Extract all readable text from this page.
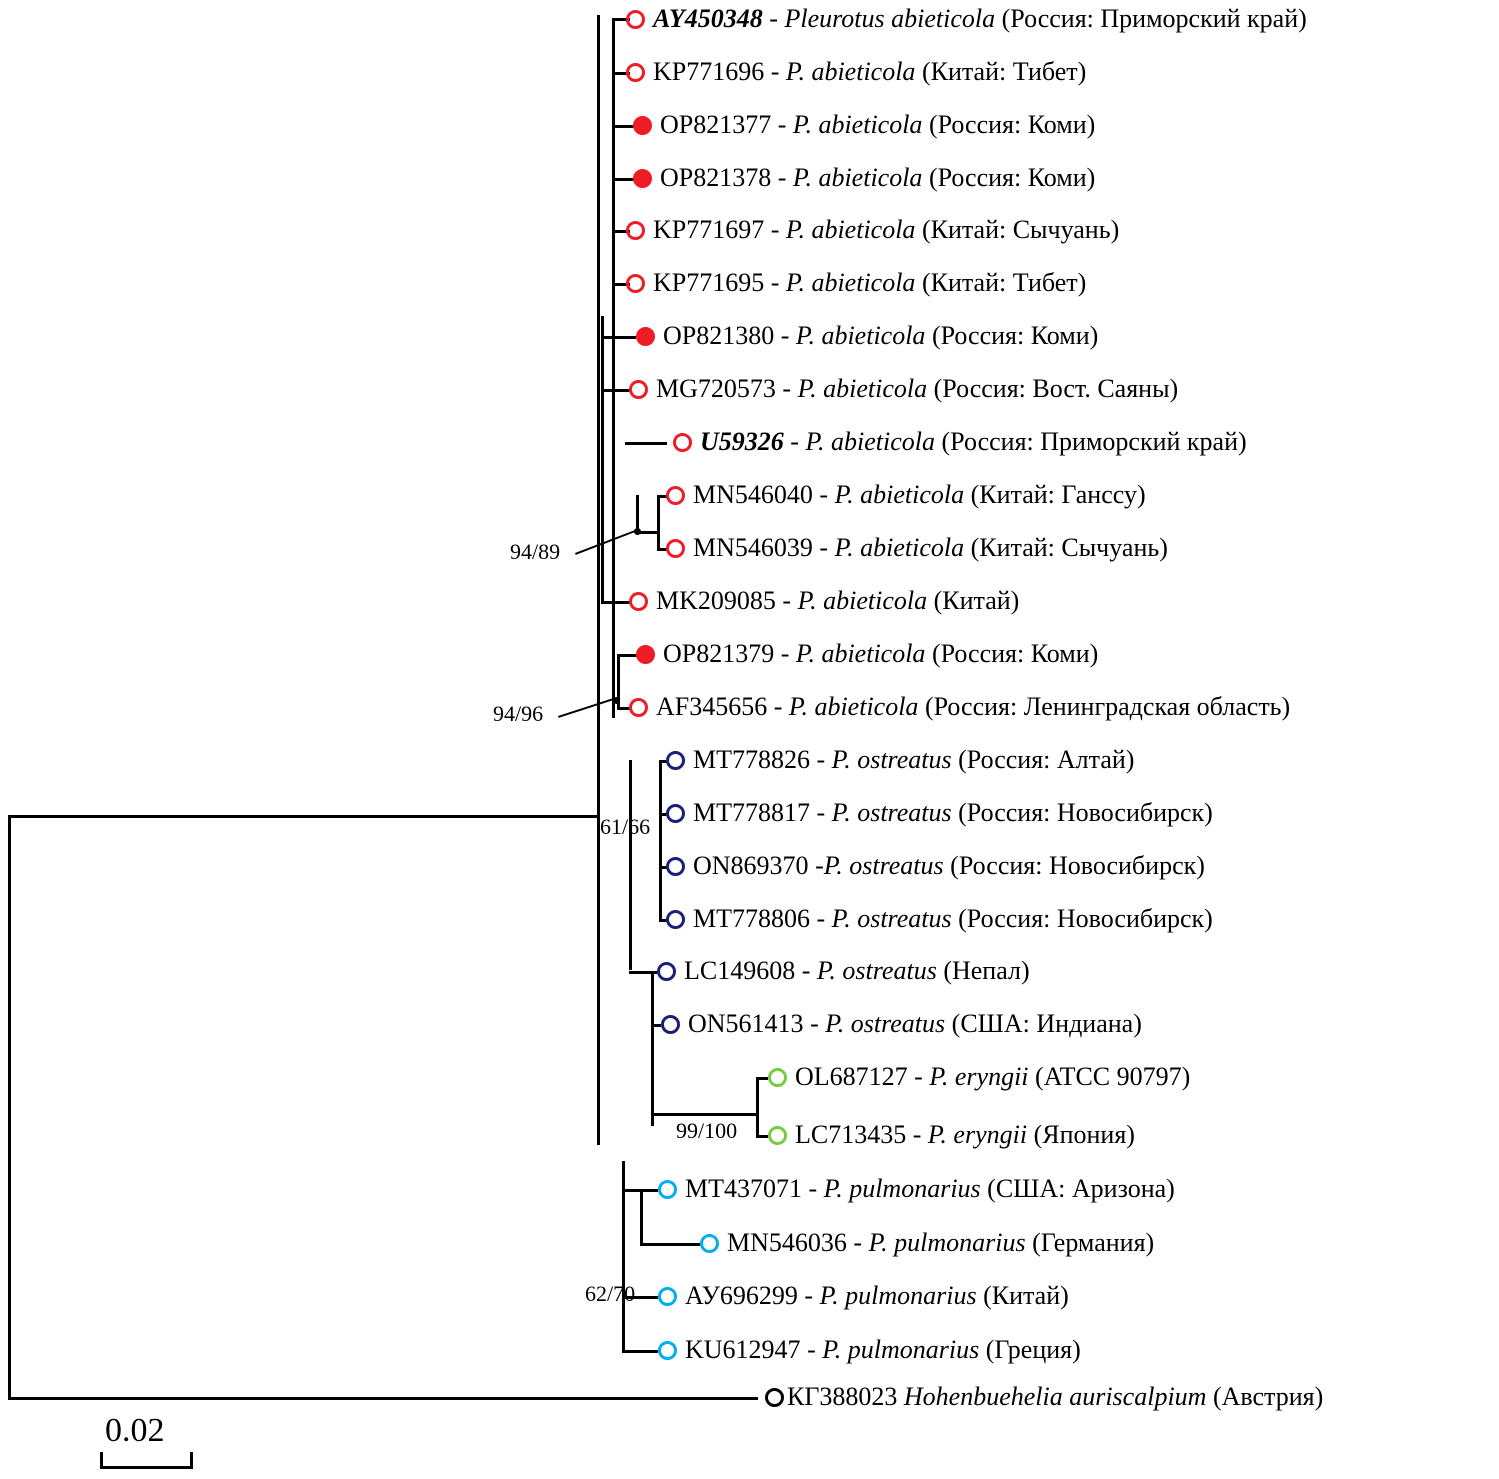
94/89
94/96
61/66
99/100
62/70
AY450348 - Pleurotus abieticola (Россия: Приморский край)
KP771696 - P. abieticola (Китай: Тибет)
OP821377 - P. abieticola (Россия: Коми)
OP821378 - P. abieticola (Россия: Коми)
KP771697 - P. abieticola (Китай: Сычуань)
KP771695 - P. abieticola (Китай: Тибет)
OP821380 - P. abieticola (Россия: Коми)
MG720573 - P. abieticola (Россия: Вост. Саяны)
U59326 - P. abieticola (Россия: Приморский край)
MN546040 - P. abieticola (Китай: Ганссу)
MN546039 - P. abieticola (Китай: Сычуань)
MK209085 - P. abieticola (Китай)
OP821379 - P. abieticola (Россия: Коми)
AF345656 - P. abieticola (Россия: Ленинградская область)
MT778826 - P. ostreatus (Россия: Алтай)
MT778817 - P. ostreatus (Россия: Новосибирск)
ON869370 -P. ostreatus (Россия: Новосибирск)
MT778806 - P. ostreatus (Россия: Новосибирск)
LC149608 - P. ostreatus (Непал)
ON561413 - P. ostreatus (США: Индиана)
OL687127 - P. eryngii (ATCC 90797)
LC713435 - P. eryngii (Япония)
MT437071 - P. pulmonarius (США: Аризона)
MN546036 - P. pulmonarius (Германия)
АУ696299 - P. pulmonarius (Китай)
KU612947 - P. pulmonarius (Греция)
КГ388023 Hohenbuehelia auriscalpium (Австрия)
0.02
